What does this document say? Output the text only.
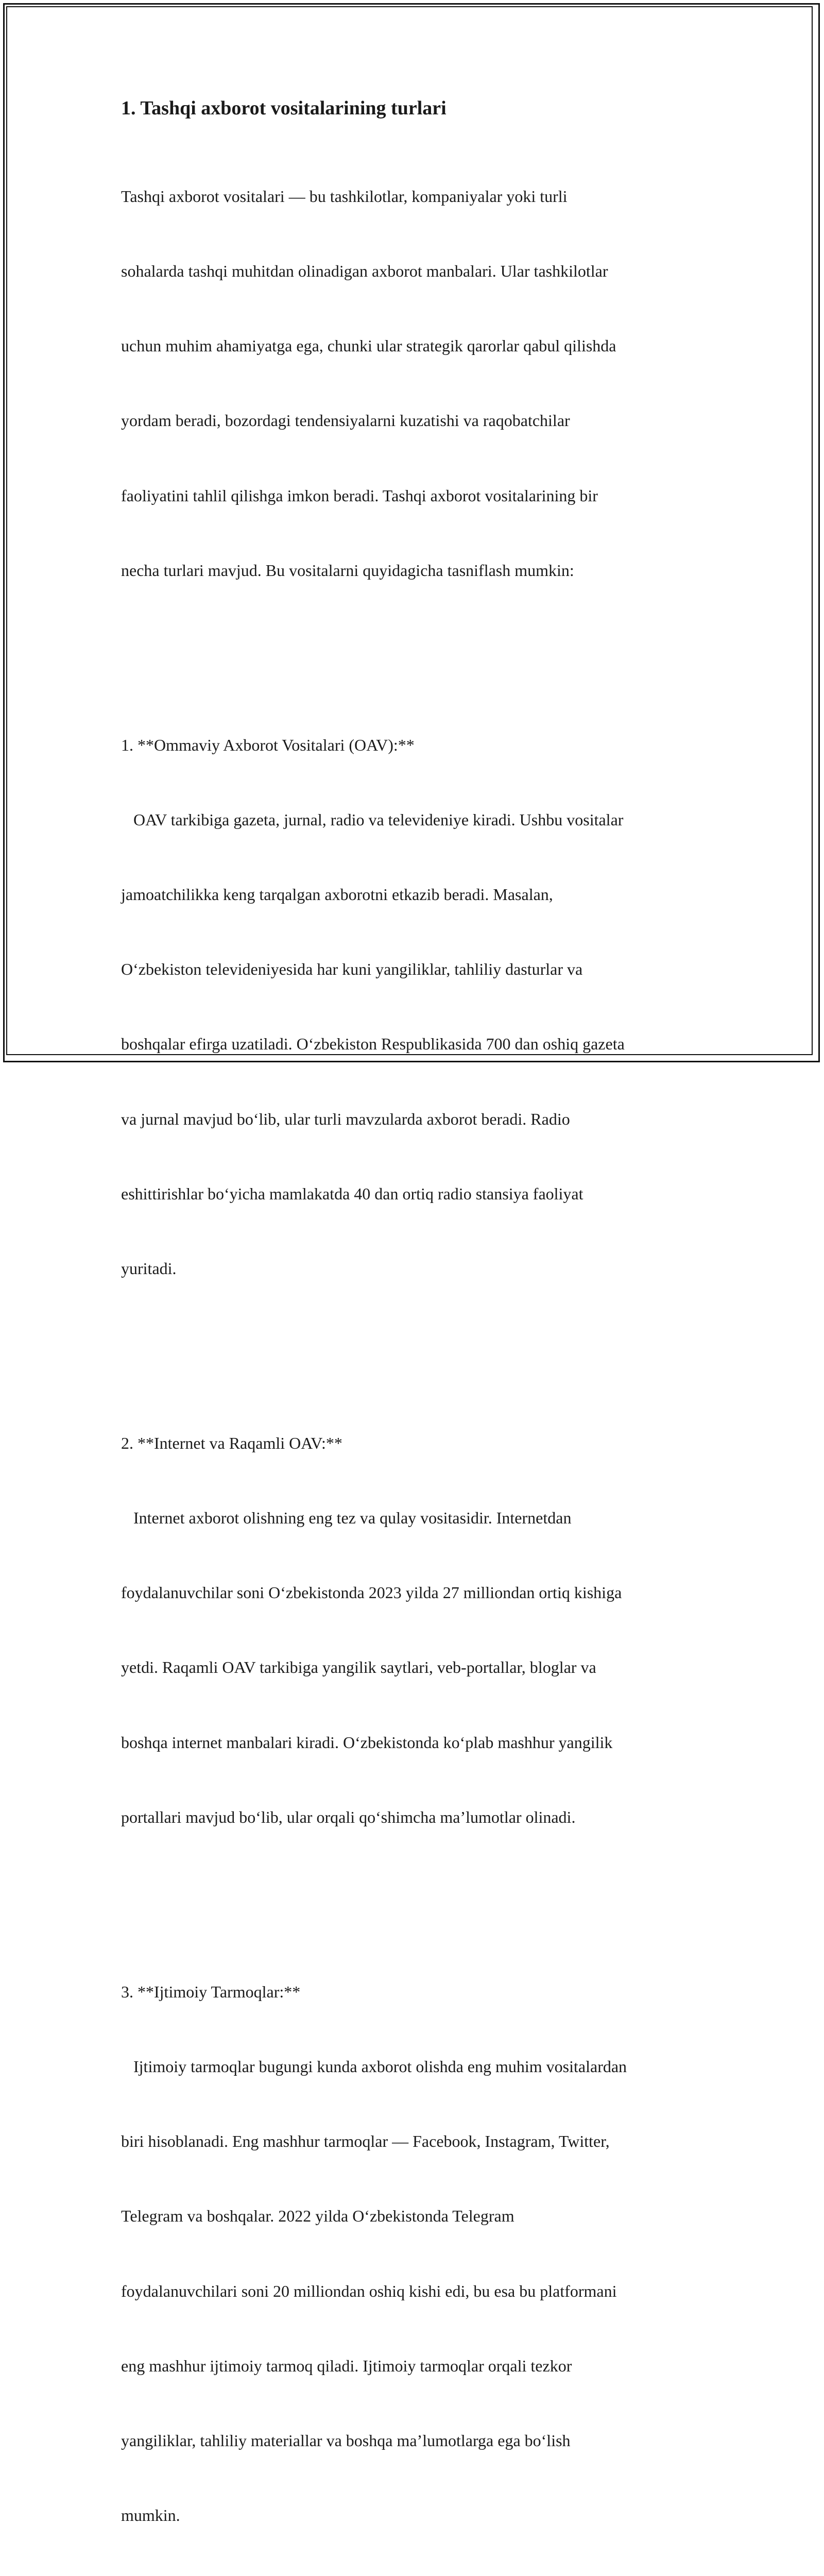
1. Tashqi axborot vositalarining turlari

Tashqi axborot vositalari — bu tashkilotlar, kompaniyalar yoki turli

sohalarda tashqi muhitdan olinadigan axborot manbalari. Ular tashkilotlar

uchun muhim ahamiyatga ega, chunki ular strategik qarorlar qabul qilishda

yordam beradi, bozordagi tendensiyalarni kuzatishi va raqobatchilar

faoliyatini tahlil qilishga imkon beradi. Tashqi axborot vositalarining bir

necha turlari mavjud. Bu vositalarni quyidagicha tasniflash mumkin:

1. **Ommaviy Axborot Vositalari (OAV):**

OAV tarkibiga gazeta, jurnal, radio va televideniye kiradi. Ushbu vositalar

jamoatchilikka keng tarqalgan axborotni etkazib beradi. Masalan,

O‘zbekiston televideniyesida har kuni yangiliklar, tahliliy dasturlar va

boshqalar efirga uzatiladi. O‘zbekiston Respublikasida 700 dan oshiq gazeta

va jurnal mavjud bo‘lib, ular turli mavzularda axborot beradi. Radio

eshittirishlar bo‘yicha mamlakatda 40 dan ortiq radio stansiya faoliyat

yuritadi.

2. **Internet va Raqamli OAV:**

Internet axborot olishning eng tez va qulay vositasidir. Internetdan

foydalanuvchilar soni O‘zbekistonda 2023 yilda 27 milliondan ortiq kishiga

yetdi. Raqamli OAV tarkibiga yangilik saytlari, veb-portallar, bloglar va

boshqa internet manbalari kiradi. O‘zbekistonda ko‘plab mashhur yangilik

portallari mavjud bo‘lib, ular orqali qo‘shimcha ma’lumotlar olinadi.

3. **Ijtimoiy Tarmoqlar:**

Ijtimoiy tarmoqlar bugungi kunda axborot olishda eng muhim vositalardan

biri hisoblanadi. Eng mashhur tarmoqlar — Facebook, Instagram, Twitter,

Telegram va boshqalar. 2022 yilda O‘zbekistonda Telegram

foydalanuvchilari soni 20 milliondan oshiq kishi edi, bu esa bu platformani

eng mashhur ijtimoiy tarmoq qiladi. Ijtimoiy tarmoqlar orqali tezkor

yangiliklar, tahliliy materiallar va boshqa ma’lumotlarga ega bo‘lish

mumkin.
